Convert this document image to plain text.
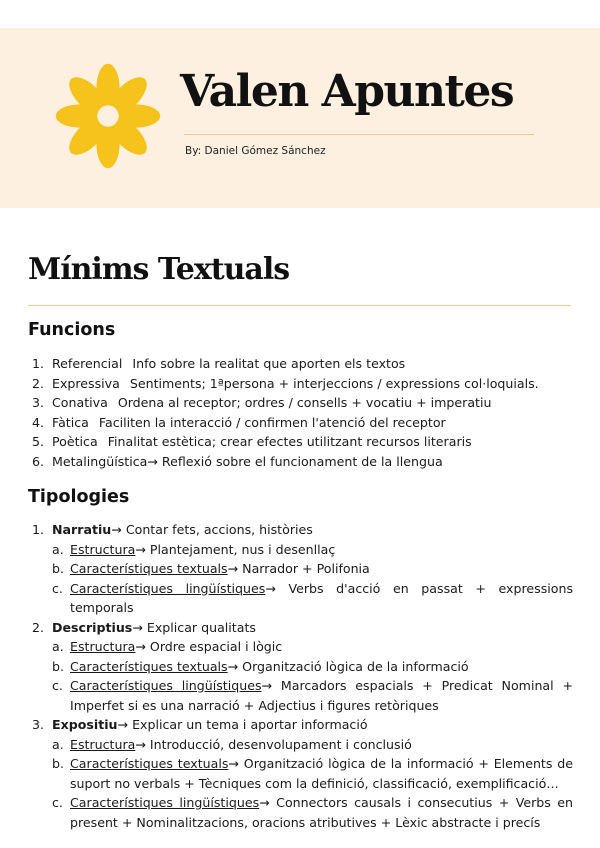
Valen Apuntes
By: Daniel Gómez Sánchez
Mínims Textuals
Funcions
1. Referencial Info sobre la realitat que aporten els textos
2. Expressiva Sentiments; 1ªpersona + interjeccions / expressions col·loquials.
3. Conativa Ordena al receptor; ordres / consells + vocatiu + imperatiu
4. Fàtica Faciliten la interacció / confirmen l'atenció del receptor
5. Poètica Finalitat estètica; crear efectes utilitzant recursos literaris
6. Metalingüística→ Reflexió sobre el funcionament de la llengua
Tipologies
1. Narratiu→ Contar fets, accions, històries
a. Estructura→ Plantejament, nus i desenllaç
b. Característiques textuals→ Narrador + Polifonia
c. Característiques lingüístiques→ Verbs d'acció en passat + expressions temporals
2. Descriptius→ Explicar qualitats
a. Estructura→ Ordre espacial i lògic
b. Característiques textuals→ Organització lògica de la informació
c. Característiques lingüístiques→ Marcadors espacials + Predicat Nominal + Imperfet si es una narració + Adjectius i figures retòriques
3. Expositiu→ Explicar un tema i aportar informació
a. Estructura→ Introducció, desenvolupament i conclusió
b. Característiques textuals→ Organització lògica de la informació + Elements de suport no verbals + Tècniques com la definició, classificació, exemplificació…
c. Característiques lingüístiques→ Connectors causals i consecutius + Verbs en present + Nominalitzacions, oracions atributives + Lèxic abstracte i precís
